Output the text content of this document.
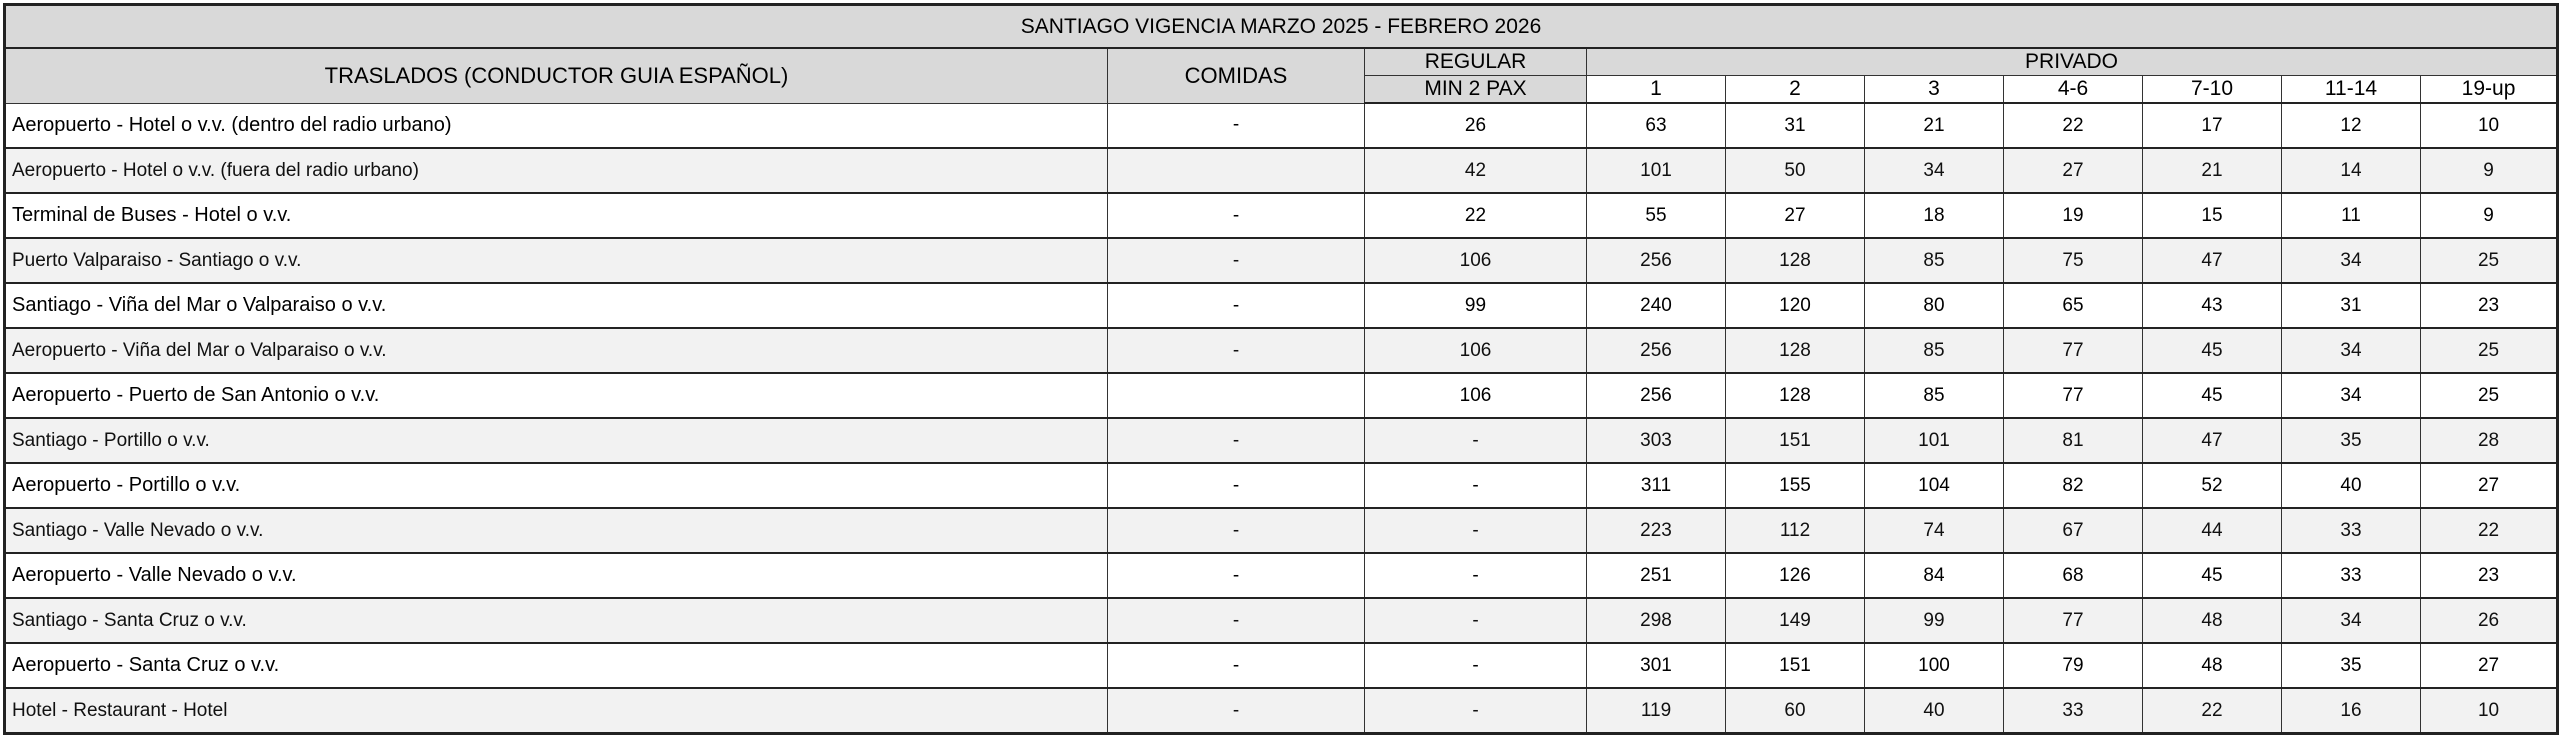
SANTIAGO VIGENCIA MARZO 2025 - FEBRERO 2026									
TRASLADOS (CONDUCTOR GUIA ESPAÑOL)	COMIDAS	REGULAR	PRIVADO						
		MIN 2 PAX	1	2	3	4-6	7-10	11-14	19-up
Aeropuerto - Hotel o v.v. (dentro del radio urbano)	-	26	63	31	21	22	17	12	10
Aeropuerto - Hotel o v.v. (fuera del radio urbano)		42	101	50	34	27	21	14	9
Terminal de Buses - Hotel o v.v.	-	22	55	27	18	19	15	11	9
Puerto Valparaiso - Santiago o v.v.	-	106	256	128	85	75	47	34	25
Santiago - Viña del Mar o Valparaiso o v.v.	-	99	240	120	80	65	43	31	23
Aeropuerto - Viña del Mar o Valparaiso o v.v.	-	106	256	128	85	77	45	34	25
Aeropuerto - Puerto de San Antonio o v.v.		106	256	128	85	77	45	34	25
Santiago - Portillo o v.v.	-	-	303	151	101	81	47	35	28
Aeropuerto - Portillo o v.v.	-	-	311	155	104	82	52	40	27
Santiago - Valle Nevado o v.v.	-	-	223	112	74	67	44	33	22
Aeropuerto - Valle Nevado o v.v.	-	-	251	126	84	68	45	33	23
Santiago - Santa Cruz o v.v.	-	-	298	149	99	77	48	34	26
Aeropuerto - Santa Cruz o v.v.	-	-	301	151	100	79	48	35	27
Hotel - Restaurant - Hotel	-	-	119	60	40	33	22	16	10
